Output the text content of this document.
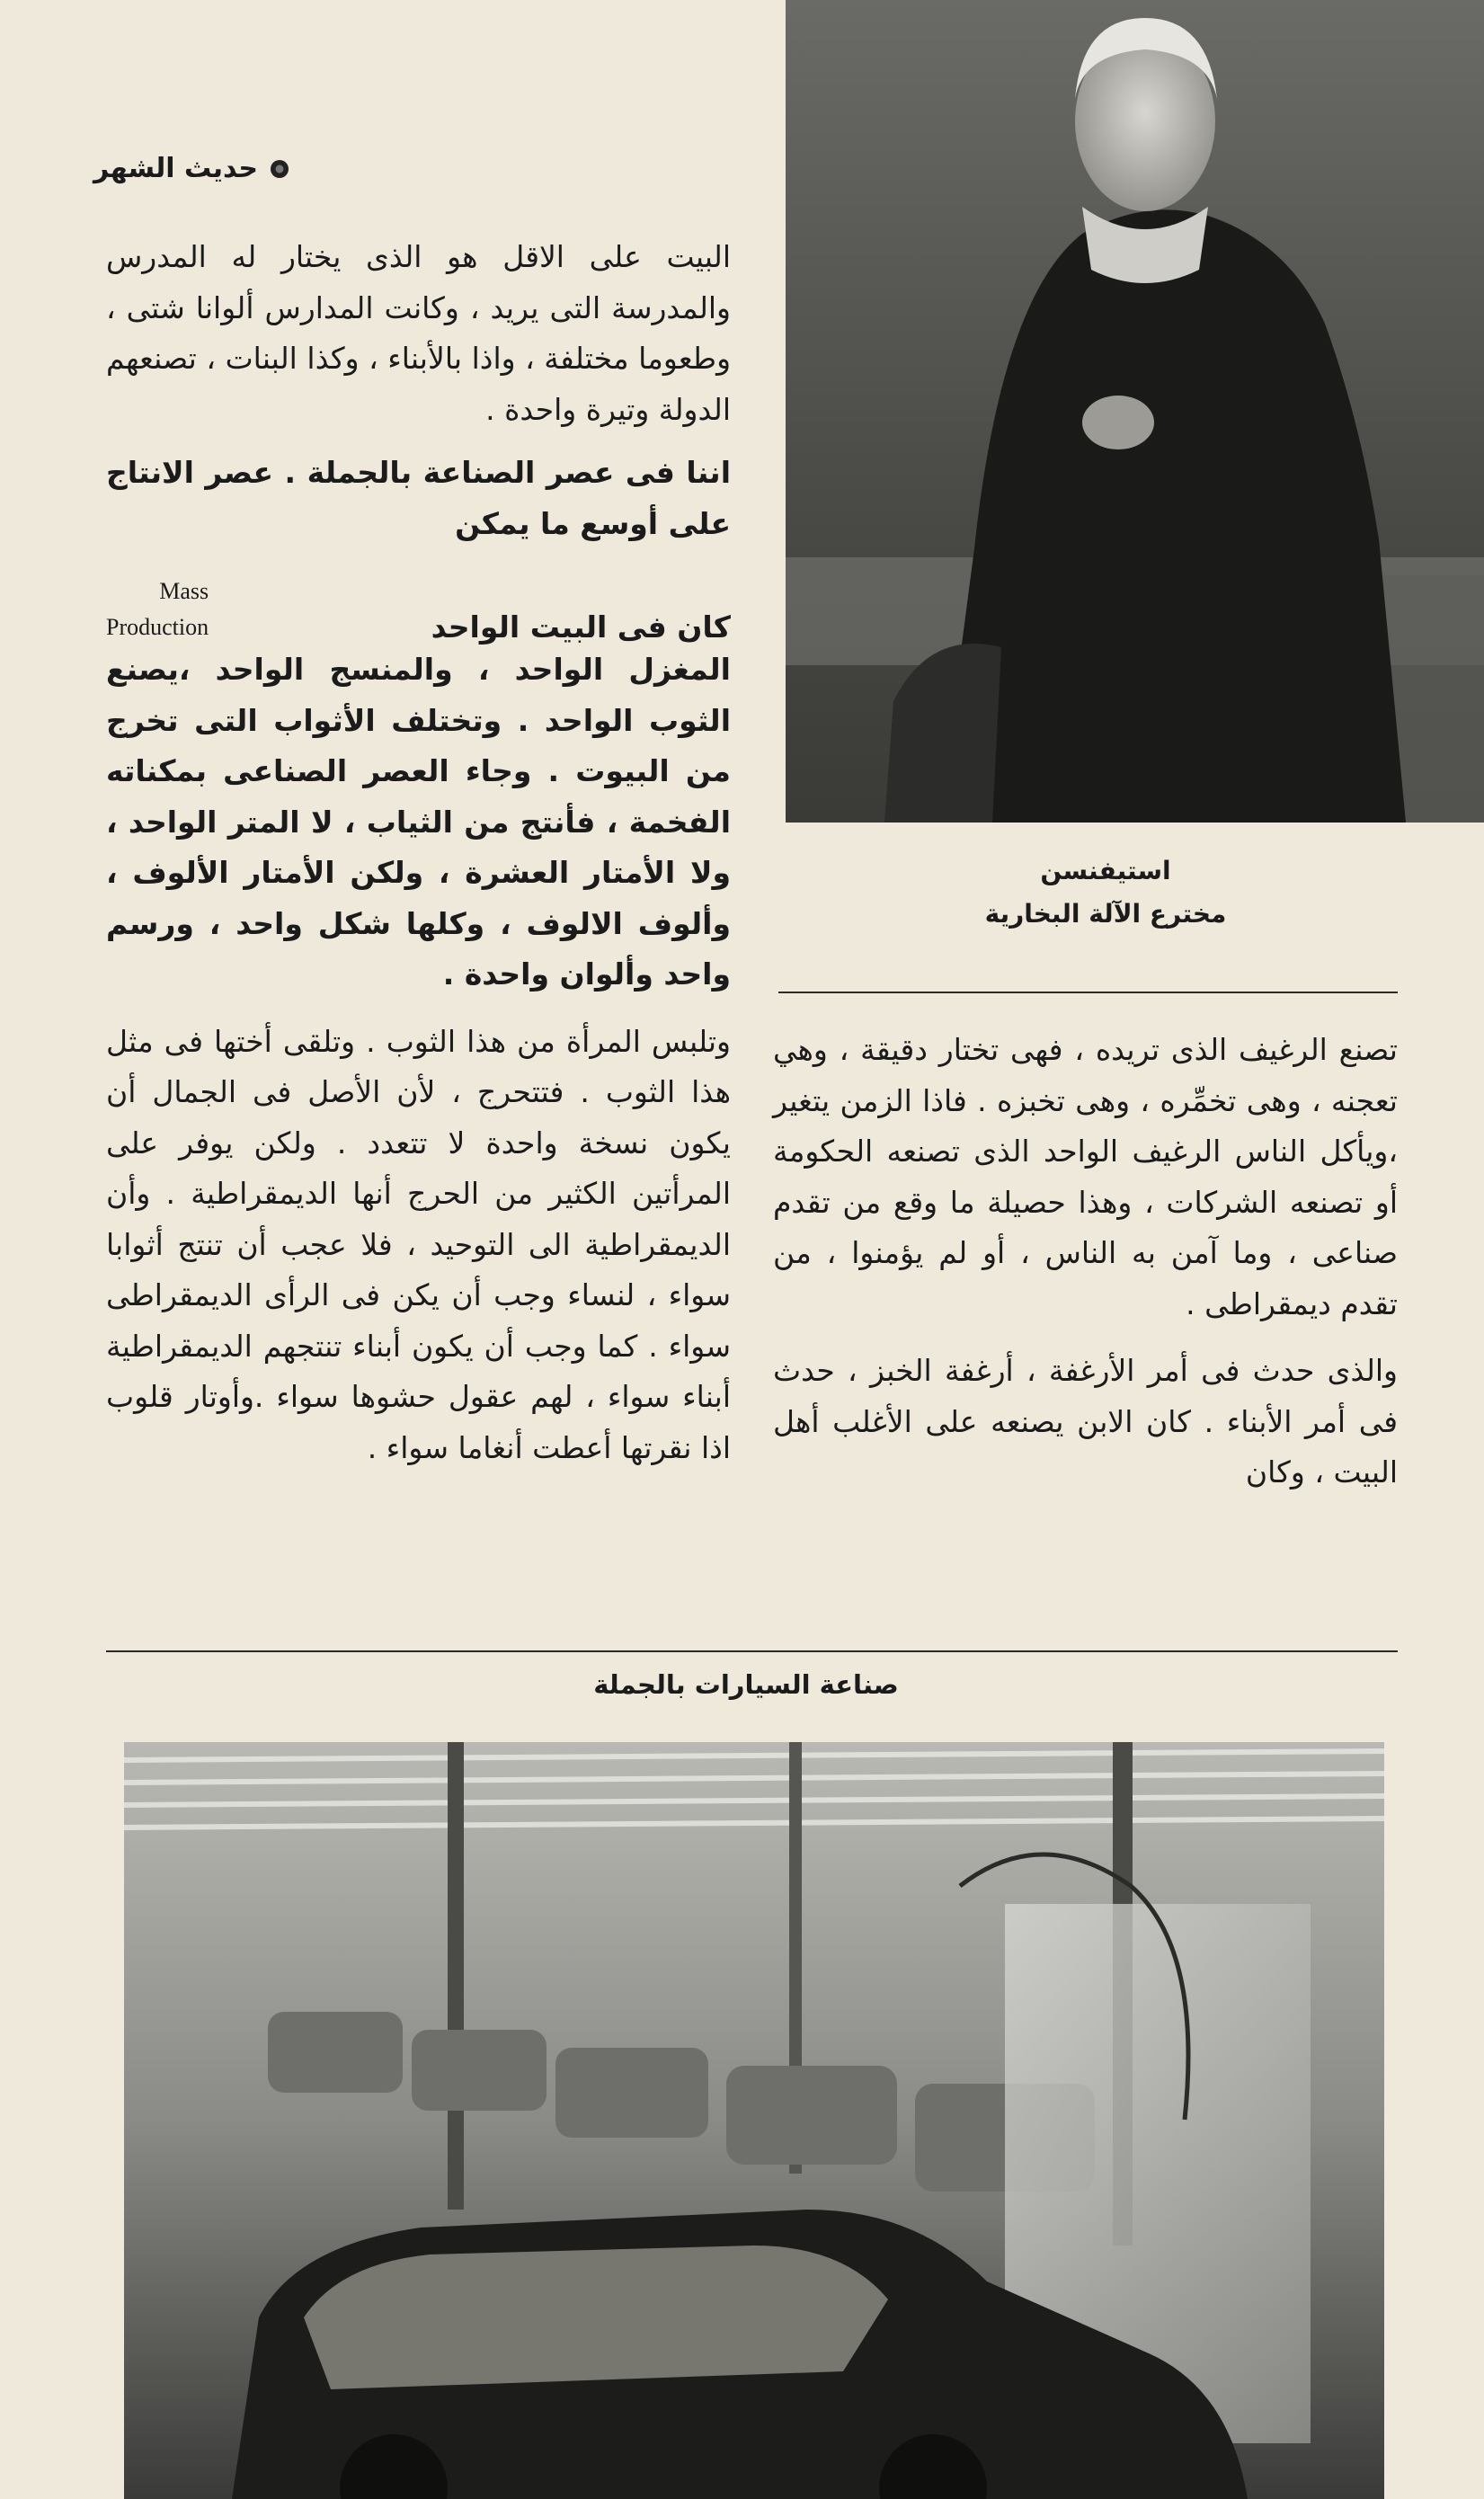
حديث الشهر
استيفنسن
مخترع الآلة البخارية

البيت على الاقل هو الذى يختار له المدرس والمدرسة التى يريد ، وكانت المدارس ألوانا شتى ، وطعوما مختلفة ، واذا بالأبناء ، وكذا البنات ، تصنعهم الدولة وتيرة واحدة .

اننا فى عصر الصناعة بالجملة . عصر الانتاج على أوسع ما يمكن

كان فى البيت الواحد
Mass
Production

المغزل الواحد ، والمنسج الواحد ،يصنع الثوب الواحد . وتختلف الأثواب التى تخرج من البيوت . وجاء العصر الصناعى بمكناته الفخمة ، فأنتج من الثياب ، لا المتر الواحد ، ولا الأمتار العشرة ، ولكن الأمتار الألوف ، وألوف الالوف ، وكلها شكل واحد ، ورسم واحد وألوان واحدة .

وتلبس المرأة من هذا الثوب . وتلقى أختها فى مثل هذا الثوب . فتتحرج ، لأن الأصل فى الجمال أن يكون نسخة واحدة لا تتعدد . ولكن يوفر على المرأتين الكثير من الحرج أنها الديمقراطية . وأن الديمقراطية الى التوحيد ، فلا عجب أن تنتج أثوابا سواء ، لنساء وجب أن يكن فى الرأى الديمقراطى سواء . كما وجب أن يكون أبناء تنتجهم الديمقراطية أبناء سواء ، لهم عقول حشوها سواء .وأوتار قلوب اذا نقرتها أعطت أنغاما سواء .

تصنع الرغيف الذى تريده ، فهى تختار دقيقة ، وهي تعجنه ، وهى تخمِّره ، وهى تخبزه . فاذا الزمن يتغير ،ويأكل الناس الرغيف الواحد الذى تصنعه الحكومة أو تصنعه الشركات ، وهذا حصيلة ما وقع من تقدم صناعى ، وما آمن به الناس ، أو لم يؤمنوا ، من تقدم ديمقراطى .

والذى حدث فى أمر الأرغفة ، أرغفة الخبز ، حدث فى أمر الأبناء . كان الابن يصنعه على الأغلب أهل البيت ، وكان

صناعة السيارات بالجملة
